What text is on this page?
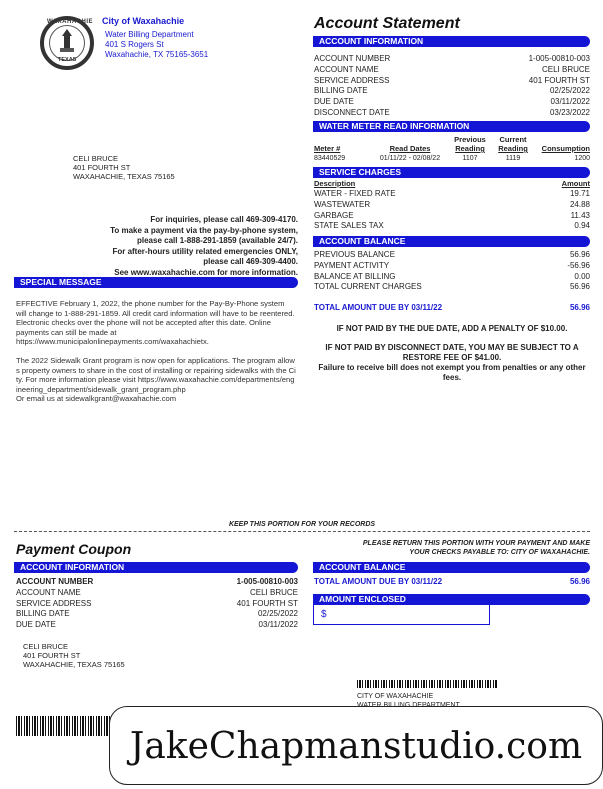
WAXAHACHIE
TEXAS
City of Waxahachie
Water Billing Department
401 S Rogers St
Waxahachie, TX 75165-3651
Account Statement
ACCOUNT INFORMATION
ACCOUNT NUMBER	1-005-00810-003
ACCOUNT NAME	CELI BRUCE
SERVICE ADDRESS	401 FOURTH ST
BILLING DATE	02/25/2022
DUE DATE	03/11/2022
DISCONNECT DATE	03/23/2022
WATER METER READ INFORMATION
Previous	Current
Meter #	Read Dates	Reading	Reading	Consumption
83440529	01/11/22 - 02/08/22	1107	1119	1200
SERVICE CHARGES
Description	Amount
WATER - FIXED RATE	19.71
WASTEWATER	24.88
GARBAGE	11.43
STATE SALES TAX	0.94
ACCOUNT BALANCE
PREVIOUS BALANCE	56.96
PAYMENT ACTIVITY	-56.96
BALANCE AT BILLING	0.00
TOTAL CURRENT CHARGES	56.96
TOTAL AMOUNT DUE BY 03/11/22	56.96
IF NOT PAID BY THE DUE DATE, ADD A PENALTY OF $10.00.
IF NOT PAID BY DISCONNECT DATE, YOU MAY BE SUBJECT TO A RESTORE FEE OF $41.00.
Failure to receive bill does not exempt you from penalties or any other fees.
CELI BRUCE
401 FOURTH ST
WAXAHACHIE, TEXAS 75165
For inquiries, please call 469-309-4170.
To make a payment via the pay-by-phone system,
please call 1-888-291-1859 (available 24/7).
For after-hours utility related emergencies ONLY,
please call 469-309-4400.
See www.waxahachie.com for more information.
SPECIAL MESSAGE
EFFECTIVE February 1, 2022, the phone number for the Pay-By-Phone system will change to 1-888-291-1859. All credit card information will have to be reentered. Electronic checks over the phone will not be accepted after this date. Online payments can still be made at https://www.municipalonlinepayments.com/waxahachietx.
The 2022 Sidewalk Grant program is now open for applications. The program allows property owners to share in the cost of installing or repairing sidewalks with the City. For more information please visit https://www.waxahachie.com/departments/engineering_department/sidewalk_grant_program.php
Or email us at sidewalkgrant@waxahachie.com
KEEP THIS PORTION FOR YOUR RECORDS
Payment Coupon	PLEASE RETURN THIS PORTION WITH YOUR PAYMENT AND MAKE YOUR CHECKS PAYABLE TO: CITY OF WAXAHACHIE.
ACCOUNT INFORMATION
ACCOUNT NUMBER	1-005-00810-003
ACCOUNT NAME	CELI BRUCE
SERVICE ADDRESS	401 FOURTH ST
BILLING DATE	02/25/2022
DUE DATE	03/11/2022
ACCOUNT BALANCE
TOTAL AMOUNT DUE BY 03/11/22	56.96
AMOUNT ENCLOSED
$
CELI BRUCE
401 FOURTH ST
WAXAHACHIE, TEXAS 75165
CITY OF WAXAHACHIE
JakeChapmanstudio.com
